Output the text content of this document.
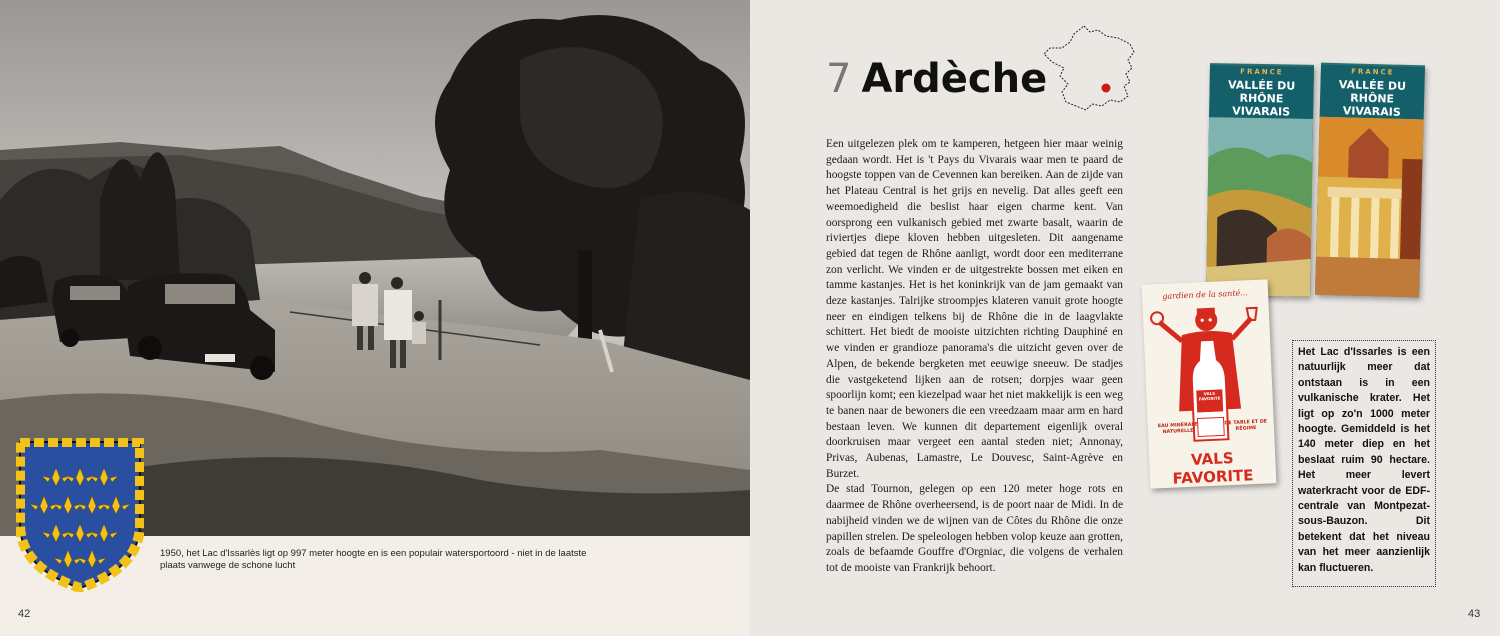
1950, het Lac d'Issarlès ligt op 997 meter hoogte en is een populair watersportoord - niet in de laatste plaats vanwege de schone lucht
42
7 Ardèche

Een uitgelezen plek om te kamperen, hetgeen hier maar weinig gedaan wordt. Het is 't Pays du Vivarais waar men te paard de hoogste toppen van de Cevennen kan bereiken. Aan de zijde van het Plateau Central is het grijs en nevelig. Dat alles geeft een weemoedigheid die beslist haar eigen charme kent. Van oorsprong een vulkanisch gebied met zwarte basalt, waarin de riviertjes diepe kloven hebben uitgesleten. Dit aangename gebied dat tegen de Rhône aanligt, wordt door een mediterrane zon verlicht. We vinden er de uitgestrekte bossen met eiken en tamme kastanjes. Het is het koninkrijk van de jam gemaakt van deze kastanjes. Talrijke stroompjes klateren vanuit grote hoogte neer en eindigen telkens bij de Rhône die in de laagvlakte schittert. Het biedt de mooiste uitzichten richting Dauphiné en we vinden er grandioze panorama's die uitzicht geven over de Alpen, de bekende bergketen met eeuwige sneeuw. De stadjes die vastgeketend lijken aan de rotsen; dorpjes waar geen spoorlijn komt; een kiezelpad waar het niet makkelijk is een weg te banen naar de bewoners die een vreedzaam maar arm en hard bestaan leven. We kunnen dit departement eigenlijk overal doorkruisen maar vergeet een aantal steden niet; Annonay, Privas, Aubenas, Lamastre, Le Douvesc, Saint-Agrève en Burzet.

De stad Tournon, gelegen op een 120 meter hoge rots en daarmee de Rhône overheersend, is de poort naar de Midi. In de nabijheid vinden we de wijnen van de Côtes du Rhône die onze papillen strelen. De speleologen hebben volop keuze aan grotten, zoals de befaamde Gouffre d'Orgniac, die volgens de verhalen tot de mooiste van Frankrijk behoort.

FRANCE
VALLÉE DU RHÔNE
VIVARAIS
FRANCE
VALLÉE DU RHÔNE
VIVARAIS
gardien de la santé...
VALS FAVORITE
EAU MINÉRALE NATURELLE
DE TABLE ET DE RÉGIME
VALS FAVORITE
Het Lac d'Issarles is een natuurlijk meer dat ontstaan is in een vulkanische krater. Het ligt op zo'n 1000 meter hoogte. Gemiddeld is het 140 meter diep en het beslaat ruim 90 hectare. Het meer levert waterkracht voor de EDF-centrale van Montpezat-sous-Bauzon. Dit betekent dat het niveau van het meer aanzienlijk kan fluctueren.
43
